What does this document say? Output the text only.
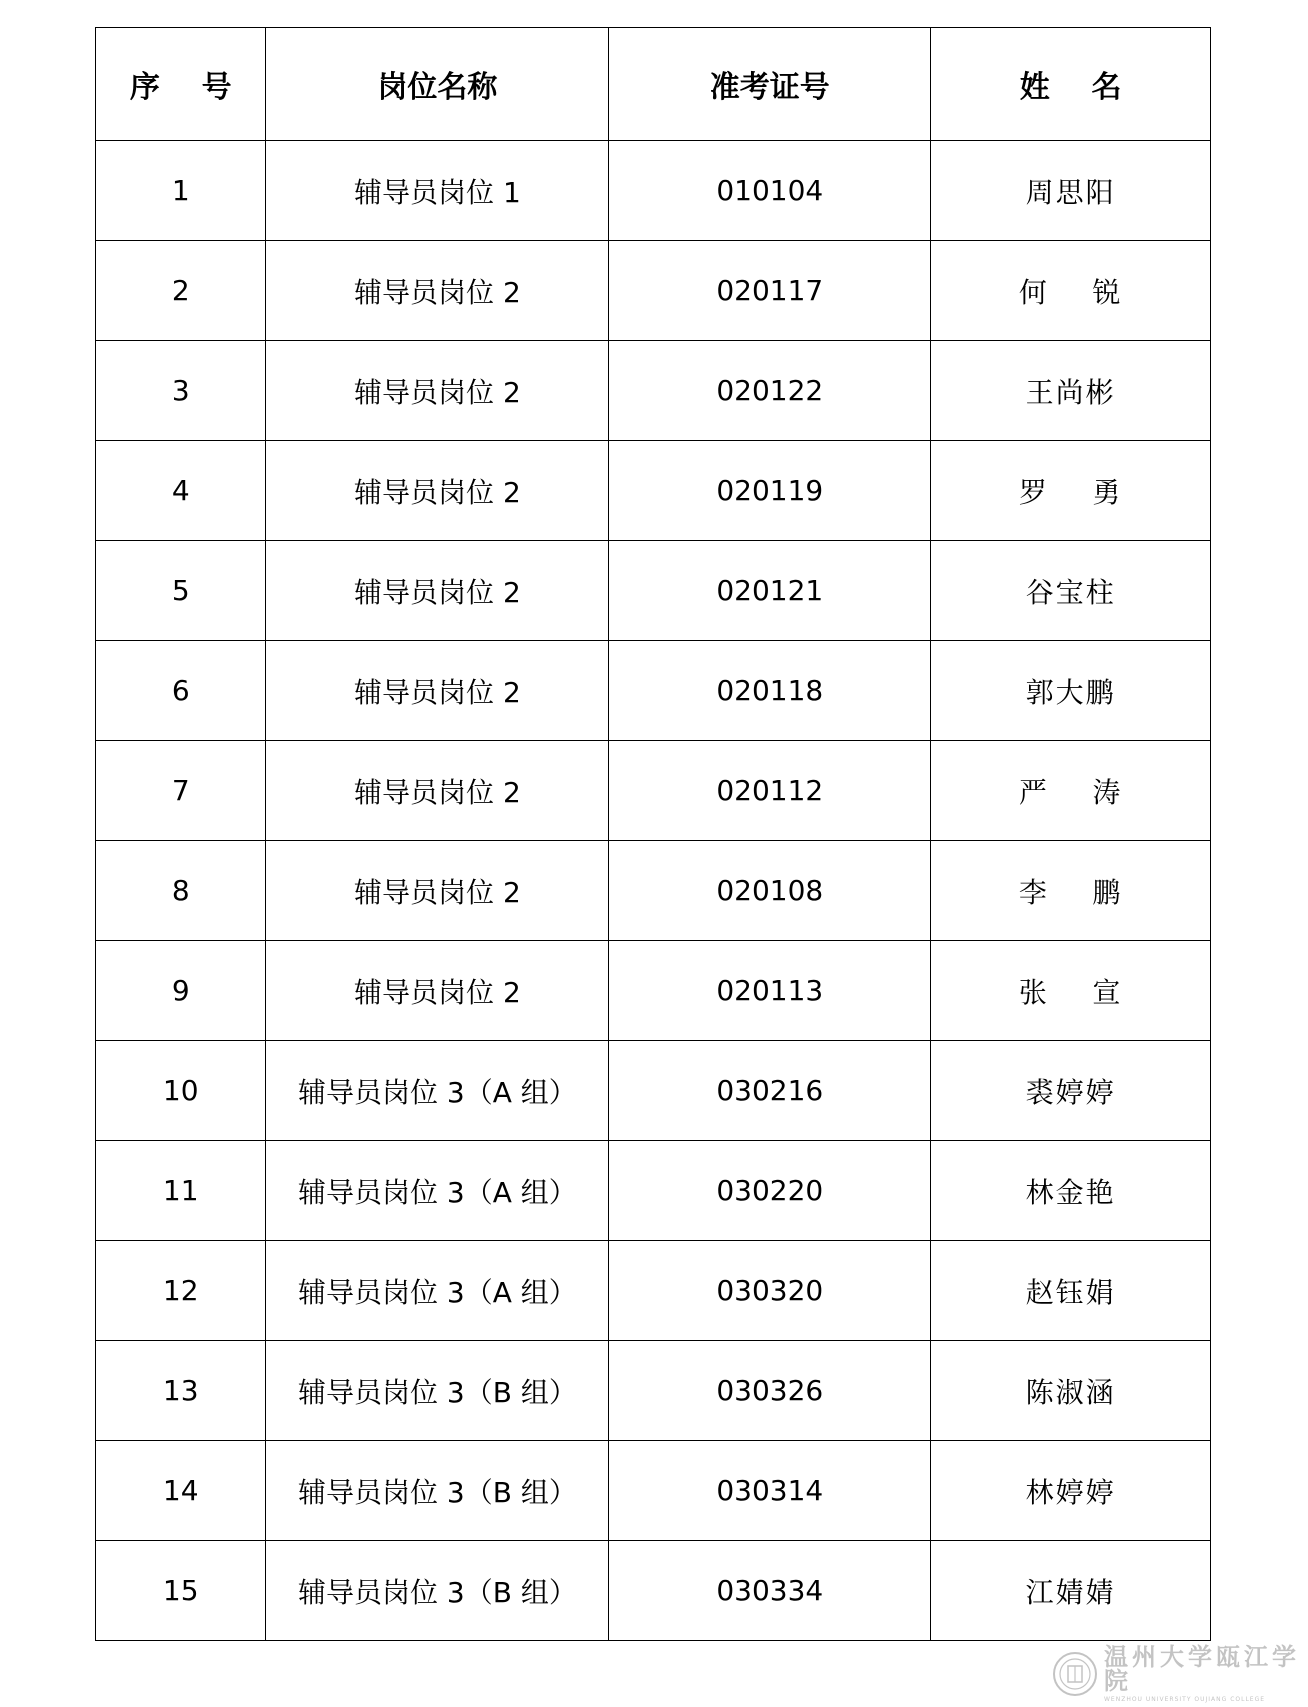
序    号	岗位名称	准考证号	姓    名
1	辅导员岗位 1	010104	周思阳
2	辅导员岗位 2	020117	何    锐
3	辅导员岗位 2	020122	王尚彬
4	辅导员岗位 2	020119	罗    勇
5	辅导员岗位 2	020121	谷宝柱
6	辅导员岗位 2	020118	郭大鹏
7	辅导员岗位 2	020112	严    涛
8	辅导员岗位 2	020108	李    鹏
9	辅导员岗位 2	020113	张    宣
10	辅导员岗位 3（A 组）	030216	裘婷婷
11	辅导员岗位 3（A 组）	030220	林金艳
12	辅导员岗位 3（A 组）	030320	赵钰娟
13	辅导员岗位 3（B 组）	030326	陈淑涵
14	辅导员岗位 3（B 组）	030314	林婷婷
15	辅导员岗位 3（B 组）	030334	江婧婧
温州大学瓯江学院
WENZHOU UNIVERSITY OUJIANG COLLEGE
